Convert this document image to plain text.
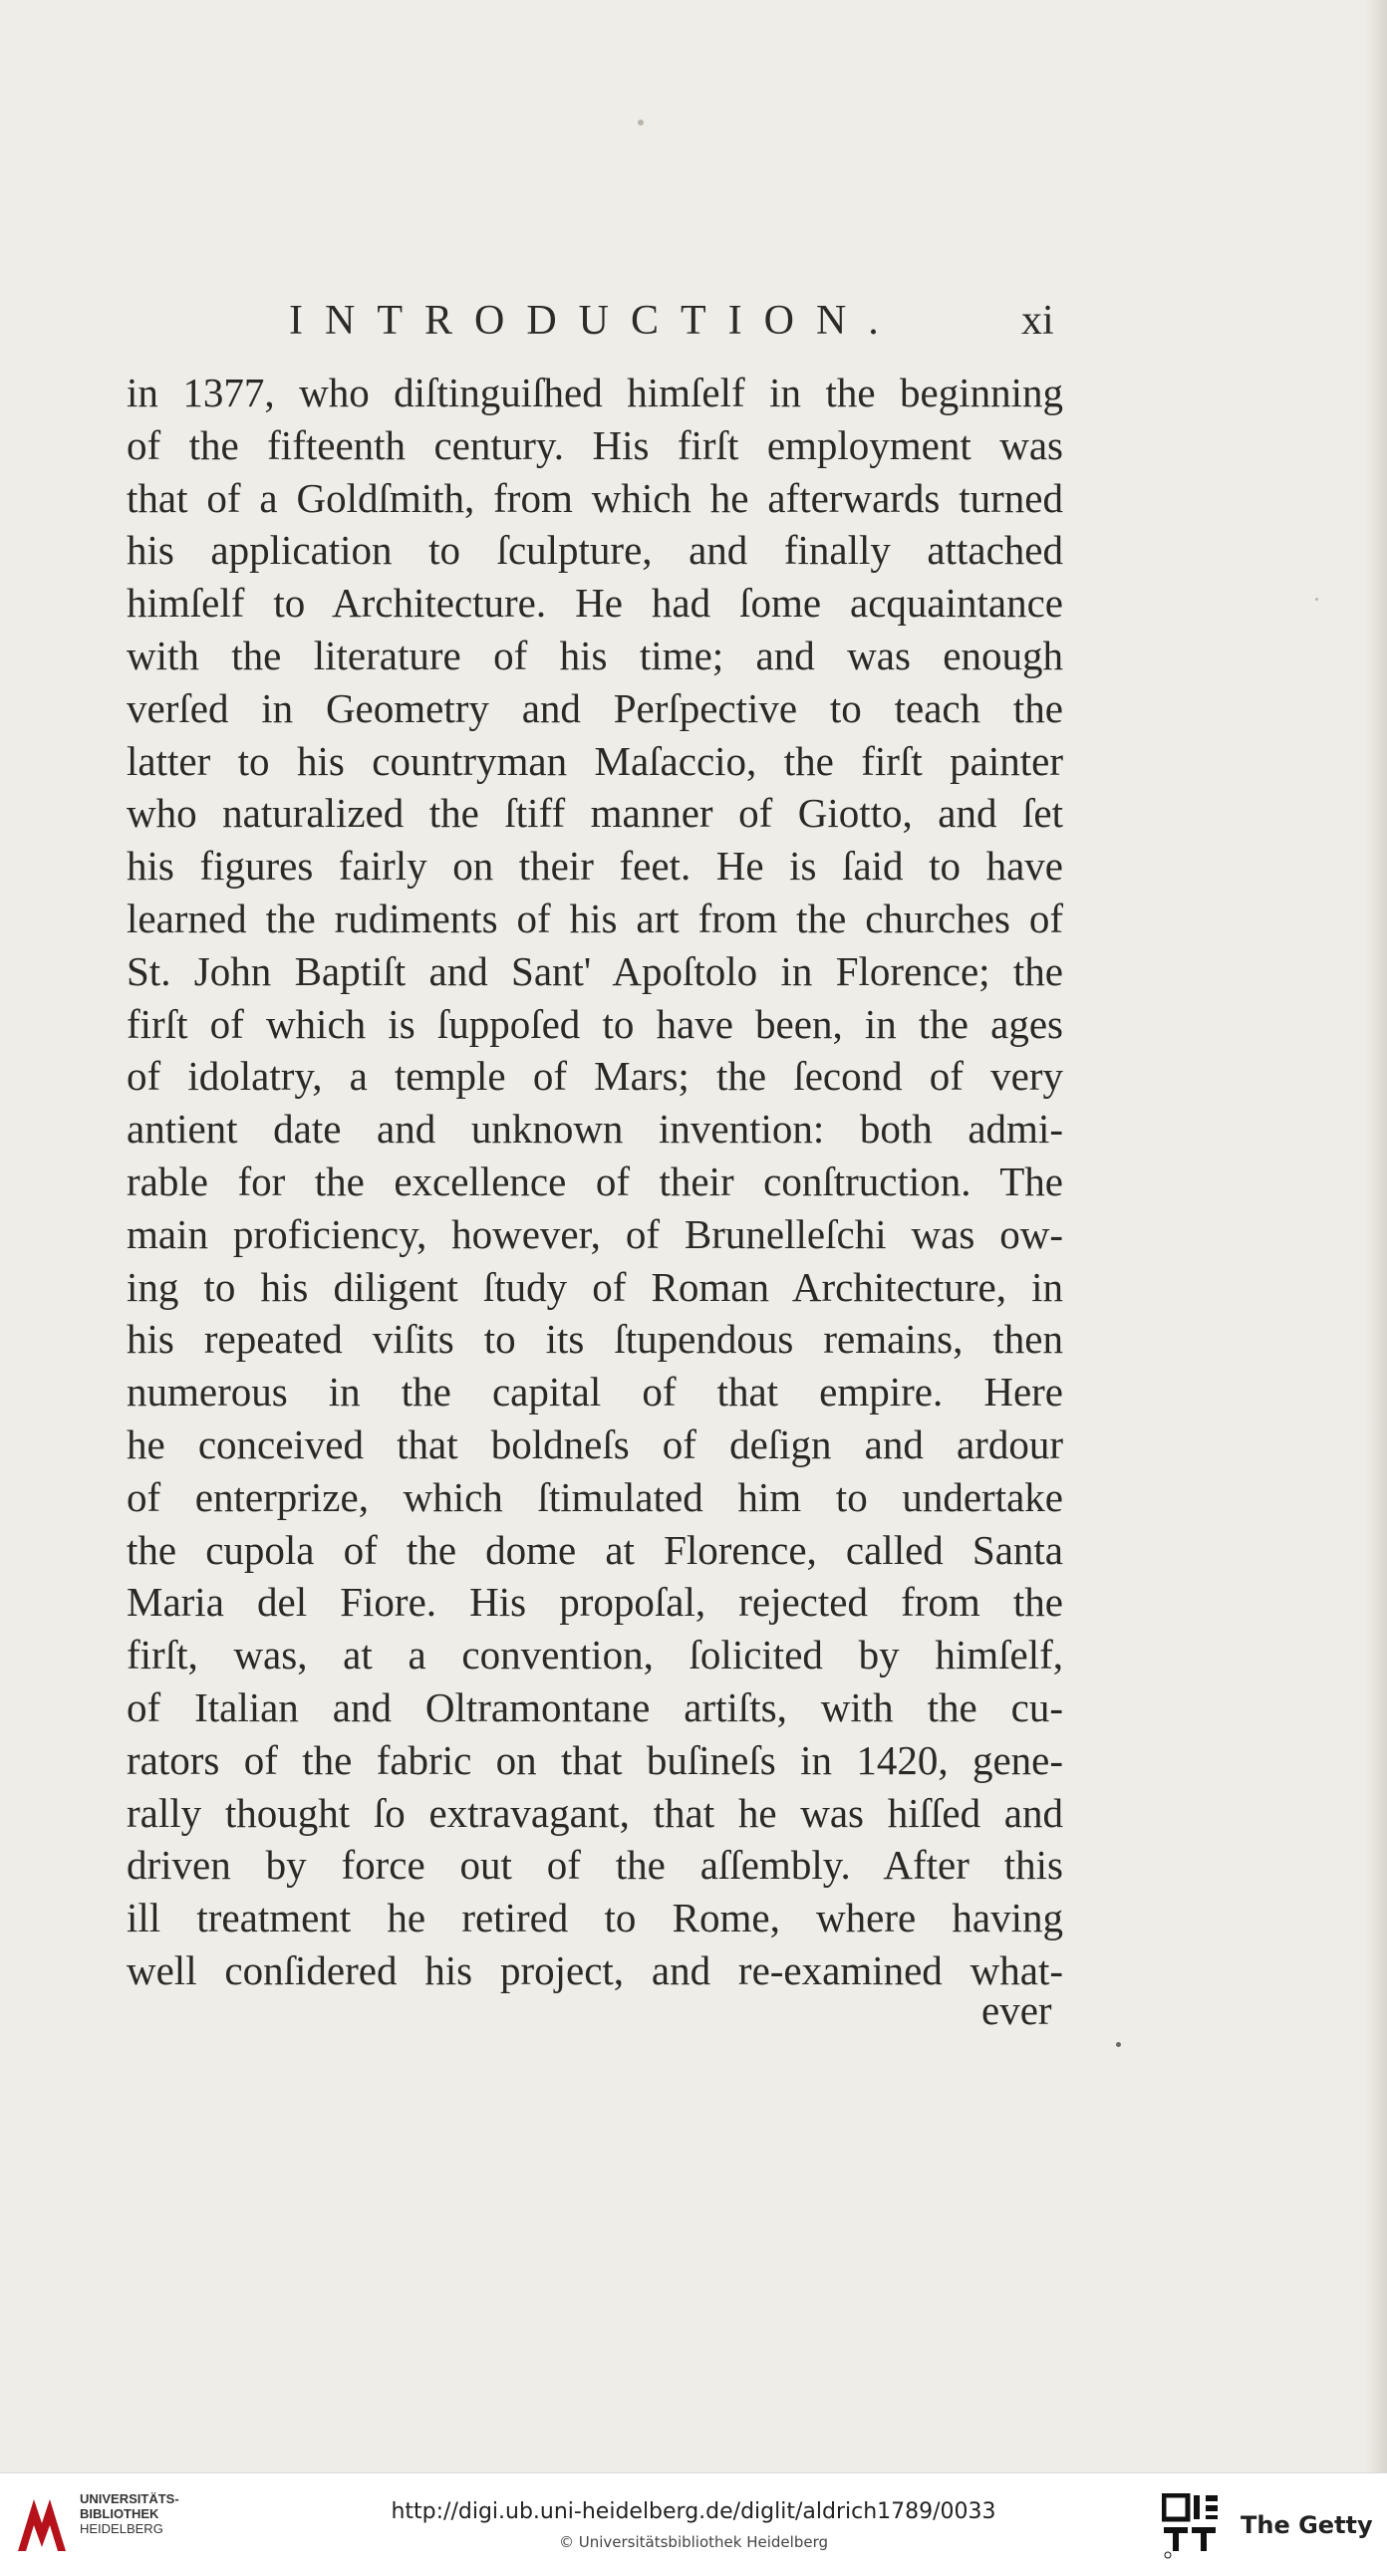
INTRODUCTION.	xi
in 1377, who diſtinguiſhed himſelf in the beginning
of the fifteenth century. His firſt employment was
that of a Goldſmith, from which he afterwards turned
his application to ſculpture, and finally attached
himſelf to Architecture. He had ſome acquaintance
with the literature of his time; and was enough
verſed in Geometry and Perſpective to teach the
latter to his countryman Maſaccio, the firſt painter
who naturalized the ſtiff manner of Giotto, and ſet
his figures fairly on their feet. He is ſaid to have
learned the rudiments of his art from the churches of
St. John Baptiſt and Sant' Apoſtolo in Florence; the
firſt of which is ſuppoſed to have been, in the ages
of idolatry, a temple of Mars; the ſecond of very
antient date and unknown invention: both admi-
rable for the excellence of their conſtruction. The
main proficiency, however, of Brunelleſchi was ow-
ing to his diligent ſtudy of Roman Architecture, in
his repeated viſits to its ſtupendous remains, then
numerous in the capital of that empire. Here
he conceived that boldneſs of deſign and ardour
of enterprize, which ſtimulated him to undertake
the cupola of the dome at Florence, called Santa
Maria del Fiore. His propoſal, rejected from the
firſt, was, at a convention, ſolicited by himſelf,
of Italian and Oltramontane artiſts, with the cu-
rators of the fabric on that buſineſs in 1420, gene-
rally thought ſo extravagant, that he was hiſſed and
driven by force out of the aſſembly. After this
ill treatment he retired to Rome, where having
well conſidered his project, and re-examined what-
ever
UNIVERSITÄTS-
BIBLIOTHEK
HEIDELBERG
http://digi.ub.uni-heidelberg.de/diglit/aldrich1789/0033
© Universitätsbibliothek Heidelberg
The Getty
